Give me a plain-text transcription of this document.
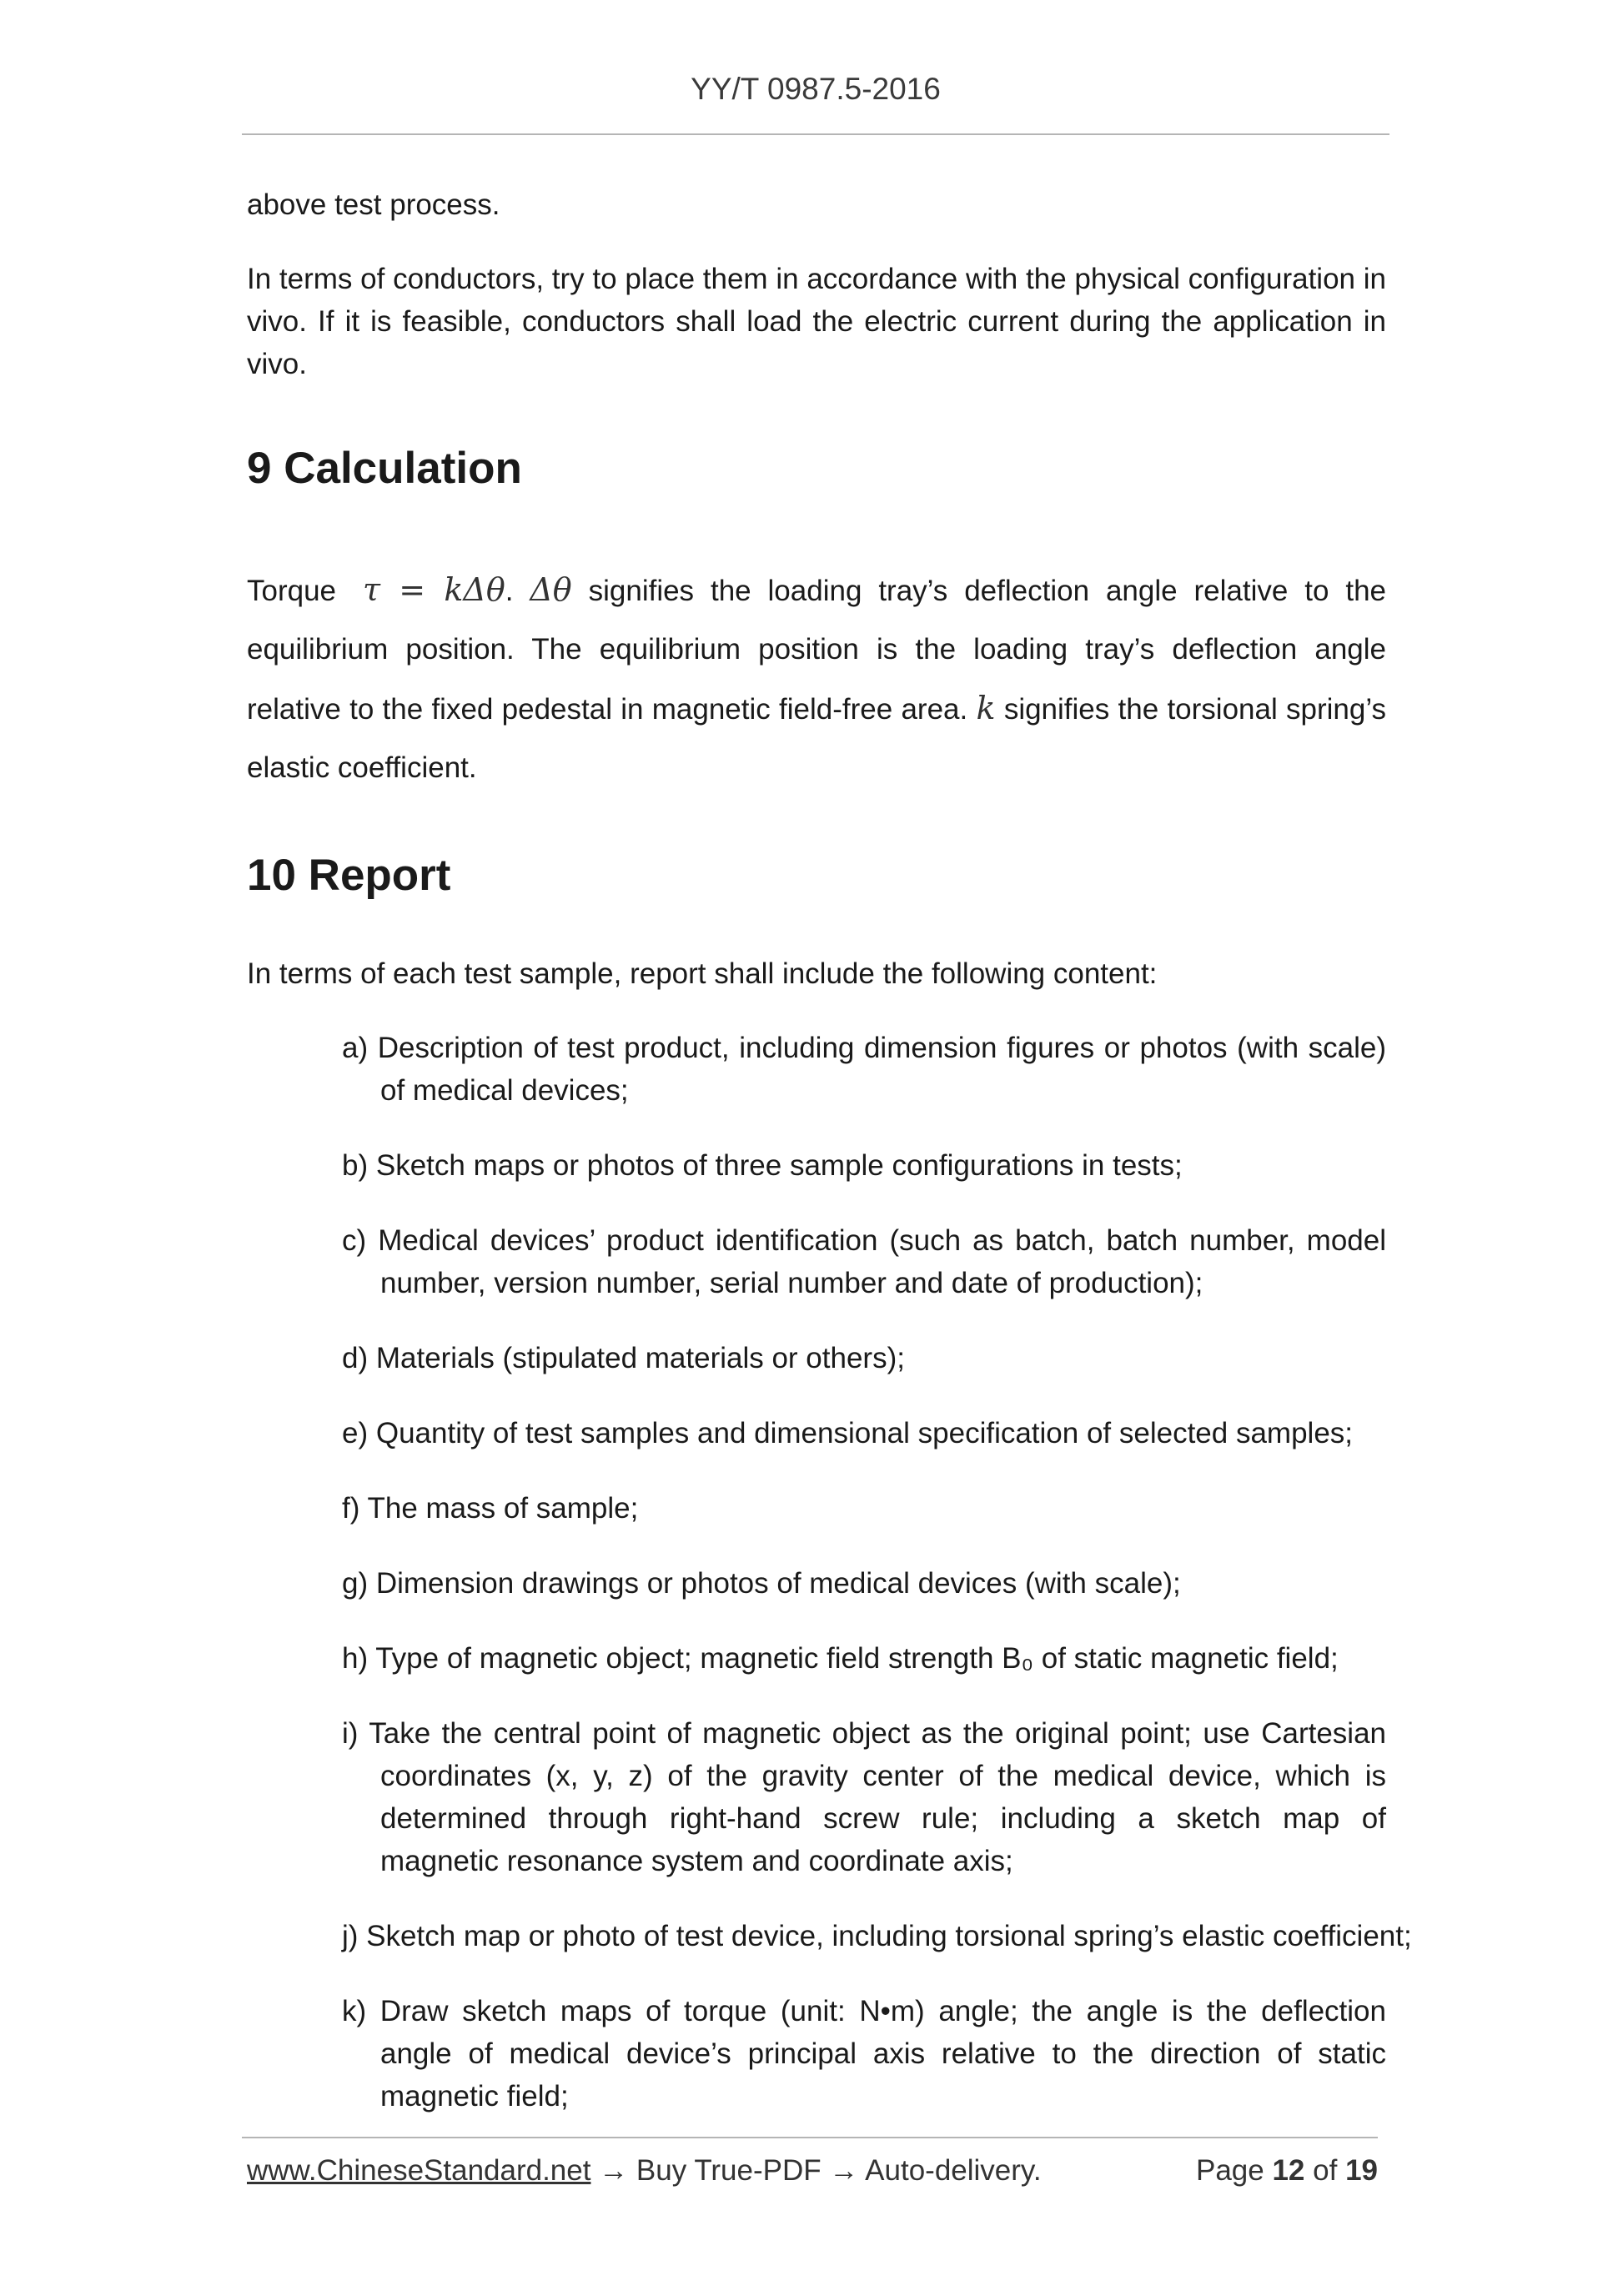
YY/T 0987.5-2016

above test process.

In terms of conductors, try to place them in accordance with the physical configuration in vivo. If it is feasible, conductors shall load the electric current during the application in vivo.

9 Calculation

Torque τ = kΔθ. Δθ signifies the loading tray’s deflection angle relative to the equilibrium position. The equilibrium position is the loading tray’s deflection angle relative to the fixed pedestal in magnetic field-free area. k signifies the torsional spring’s elastic coefficient.

10 Report

In terms of each test sample, report shall include the following content:

a) Description of test product, including dimension figures or photos (with scale) of medical devices;
b) Sketch maps or photos of three sample configurations in tests;
c) Medical devices’ product identification (such as batch, batch number, model number, version number, serial number and date of production);
d) Materials (stipulated materials or others);
e) Quantity of test samples and dimensional specification of selected samples;
f) The mass of sample;
g) Dimension drawings or photos of medical devices (with scale);
h) Type of magnetic object; magnetic field strength B₀ of static magnetic field;
i) Take the central point of magnetic object as the original point; use Cartesian coordinates (x, y, z) of the gravity center of the medical device, which is determined through right-hand screw rule; including a sketch map of magnetic resonance system and coordinate axis;
j) Sketch map or photo of test device, including torsional spring’s elastic coefficient;
k) Draw sketch maps of torque (unit: N•m) angle; the angle is the deflection angle of medical device’s principal axis relative to the direction of static magnetic field;
www.ChineseStandard.net → Buy True-PDF → Auto-delivery.	Page 12 of 19
